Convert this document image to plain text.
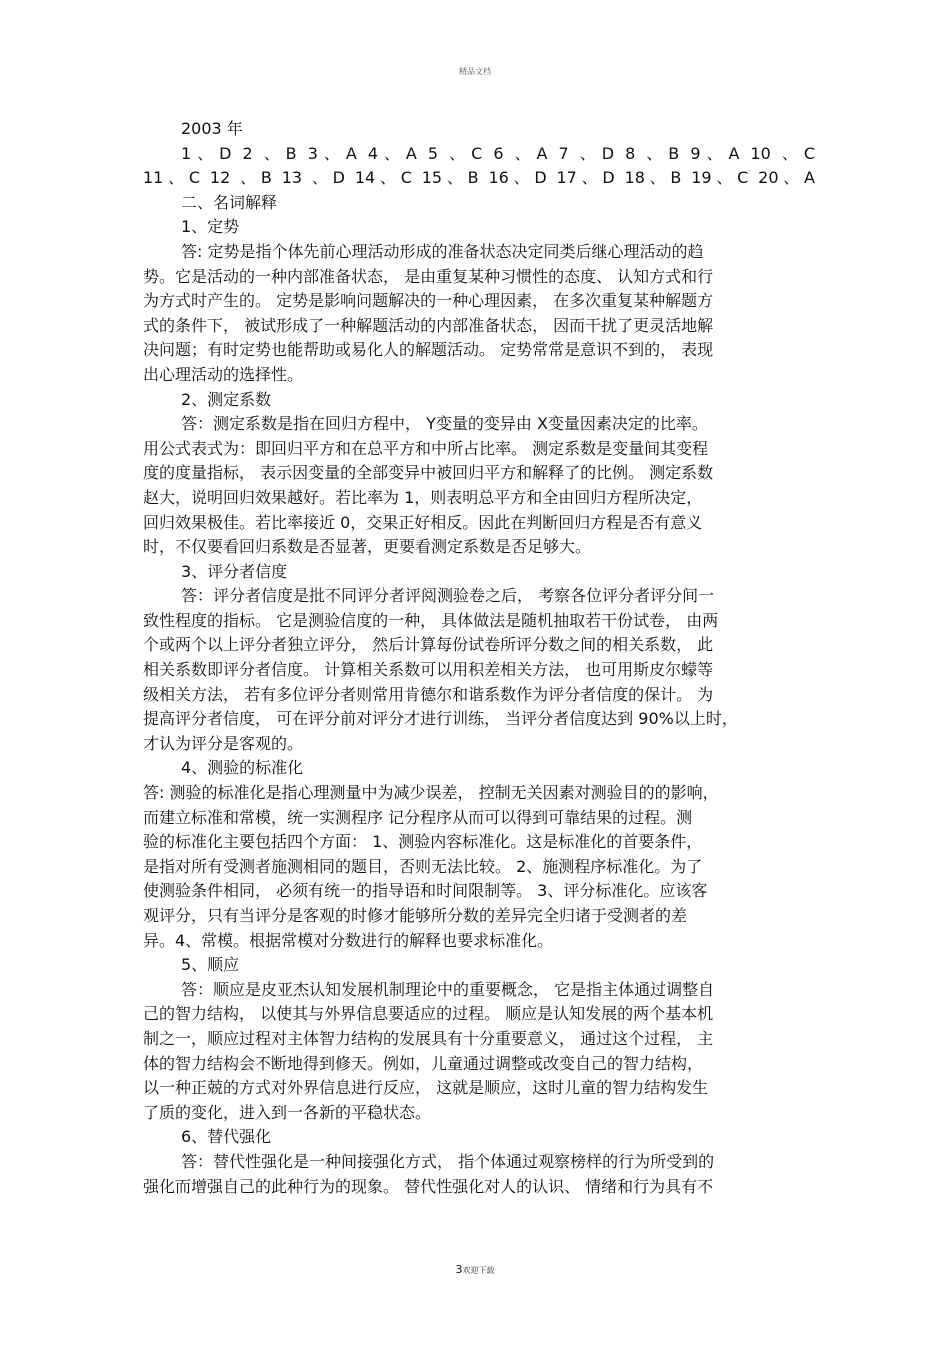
精品文档
2003 年
1、D 2 、B 3、A 4、A 5 、C 6 、A 7 、D 8 、B 9、A 10 、C
11、C 12 、B 13 、D 14、C 15、B 16、D 17、D 18、B 19、C 20、A
二、名词解释
1、定势
答: 定势是指个体先前心理活动形成的准备状态决定同类后继心理活动的趋
势。它是活动的一种内部准备状态， 是由重复某种习惯性的态度、 认知方式和行
为方式时产生的。 定势是影响问题解决的一种心理因素， 在多次重复某种解题方
式的条件下， 被试形成了一种解题活动的内部准备状态， 因而干扰了更灵活地解
决问题；有时定势也能帮助或易化人的解题活动。 定势常常是意识不到的， 表现
出心理活动的选择性。
2、测定系数
答：测定系数是指在回归方程中， Y变量的变异由 X变量因素决定的比率。
用公式表式为：即回归平方和在总平方和中所占比率。 测定系数是变量间其变程
度的度量指标， 表示因变量的全部变异中被回归平方和解释了的比例。 测定系数
赵大，说明回归效果越好。若比率为 1，则表明总平方和全由回归方程所决定，
回归效果极佳。若比率接近 0，交果正好相反。因此在判断回归方程是否有意义
时，不仅要看回归系数是否显著，更要看测定系数是否足够大。
3、评分者信度
答：评分者信度是批不同评分者评阅测验卷之后， 考察各位评分者评分间一
致性程度的指标。 它是测验信度的一种， 具体做法是随机抽取若干份试卷， 由两
个或两个以上评分者独立评分， 然后计算每份试卷所评分数之间的相关系数， 此
相关系数即评分者信度。 计算相关系数可以用积差相关方法， 也可用斯皮尔蠓等
级相关方法， 若有多位评分者则常用肯德尔和谐系数作为评分者信度的保计。 为
提高评分者信度， 可在评分前对评分才进行训练， 当评分者信度达到 90%以上时，
才认为评分是客观的。
4、测验的标准化
答: 测验的标准化是指心理测量中为减少误差， 控制无关因素对测验目的的影响，
而建立标准和常模，统一实测程序 记分程序从而可以得到可靠结果的过程。测
验的标准化主要包括四个方面： 1、测验内容标准化。这是标准化的首要条件，
是指对所有受测者施测相同的题目，否则无法比较。 2、施测程序标准化。为了
使测验条件相同， 必须有统一的指导语和时间限制等。 3、评分标准化。应该客
观评分，只有当评分是客观的时修才能够所分数的差异完全归诸于受测者的差
异。4、常模。根据常模对分数进行的解释也要求标准化。
5、顺应
答：顺应是皮亚杰认知发展机制理论中的重要概念， 它是指主体通过调整自
己的智力结构， 以使其与外界信息要适应的过程。 顺应是认知发展的两个基本机
制之一，顺应过程对主体智力结构的发展具有十分重要意义， 通过这个过程， 主
体的智力结构会不断地得到修天。例如，儿童通过调整或改变自己的智力结构，
以一种正兢的方式对外界信息进行反应， 这就是顺应，这时儿童的智力结构发生
了质的变化，进入到一各新的平稳状态。
6、替代强化
答：替代性强化是一种间接强化方式， 指个体通过观察榜样的行为所受到的
强化而增强自己的此种行为的现象。 替代性强化对人的认识、 情绪和行为具有不
3欢迎下载
